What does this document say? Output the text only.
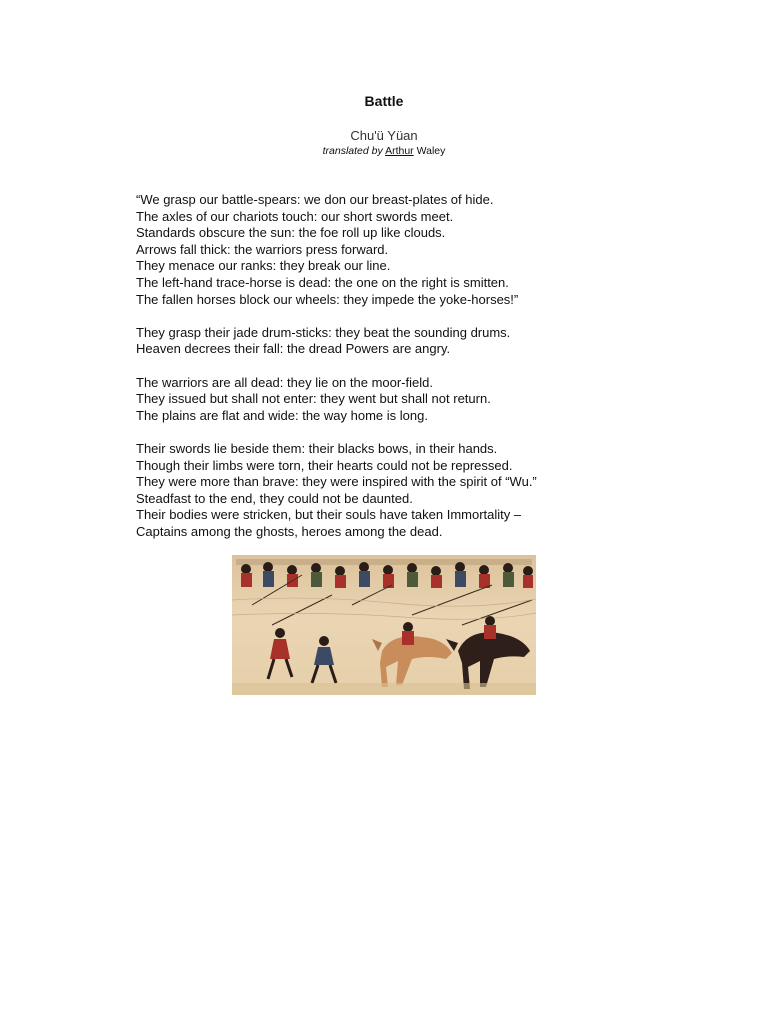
Battle
Chu'ü Yüan
translated by Arthur Waley
“We grasp our battle-spears: we don our breast-plates of hide.
The axles of our chariots touch: our short swords meet.
Standards obscure the sun: the foe roll up like clouds.
Arrows fall thick: the warriors press forward.
They menace our ranks: they break our line.
The left-hand trace-horse is dead: the one on the right is smitten.
The fallen horses block our wheels: they impede the yoke-horses!”
They grasp their jade drum-sticks: they beat the sounding drums.
Heaven decrees their fall: the dread Powers are angry.
The warriors are all dead: they lie on the moor-field.
They issued but shall not enter: they went but shall not return.
The plains are flat and wide: the way home is long.
Their swords lie beside them: their blacks bows, in their hands.
Though their limbs were torn, their hearts could not be repressed.
They were more than brave: they were inspired with the spirit of “Wu.”
Steadfast to the end, they could not be daunted.
Their bodies were stricken, but their souls have taken Immortality –
Captains among the ghosts, heroes among the dead.
